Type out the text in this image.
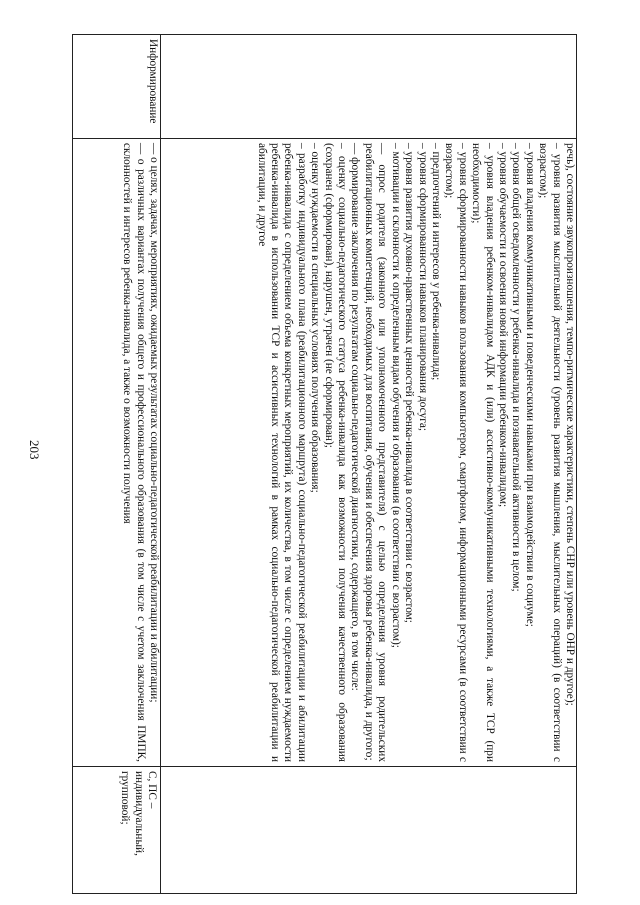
203	речь), состояние звукопроизношения, темпо-ритмические характеристики, степень СНР или уровень ОНР и другое);

– уровня развития мыслительной деятельности (уровень развития мышления, мыслительных операций) (в соответствии с возрастом);

– уровня владения коммуникативными и поведенческими навыками при взаимодействии в социуме;

– уровня общей осведомленности у ребенка-инвалида и познавательной активности в целом;

– уровня обучаемости и освоения новой информации ребенком-инвалидом;

– уровня владения ребенком-инвалидом АДК и (или) ассистивно-коммуникативными технологиями, а также ТСР (при необходимости);

– уровня сформированности навыков пользования компьютером, смартфоном, информационными ресурсами (в соответствии с возрастом);

– предпочтений и интересов у ребенка-инвалида;

– уровня сформированности навыков планирования досуга;

– уровня развития духовно-нравственных ценностей ребенка-инвалида в соответствии с возрастом;

– мотивации и склонности к определенным видам обучения и образования (в соответствии с возрастом);

— опрос родителя (законного или уполномоченного представителя) с целью определения уровня родительских реабилитационных компетенций, необходимых для воспитания, обучения и обеспечения здоровья ребенка-инвалида, и другого;

— формирование заключения по результатам социально-педагогической диагностики, содержащего, в том числе:

– оценку социально-педагогического статуса ребенка-инвалида как возможности получения качественного образования (сохранен (сформирован), нарушен, утрачен (не сформирован);

– оценку нуждаемости в специальных условиях получения образования;

– разработку индивидуального плана (реабилитационного маршрута) социально-педагогической реабилитации и абилитации ребенка-инвалида с определением объема конкретных мероприятий, их количества, в том числе с определением нуждаемости ребенка-инвалида в использовании ТСР и ассистивных технологий в рамках социально-педагогической реабилитации и абилитации, и другое

Информирование

— о целях, задачах, мероприятиях, ожидаемых результатах социально-педагогической реабилитации и абилитации;

— о различных вариантах получения общего и профессионального образования (в том числе с учетом заключения ПМПК, склонностей и интересов ребенка-инвалида, а также о возможности получения

С, ПС – индивидуальный, групповой;
